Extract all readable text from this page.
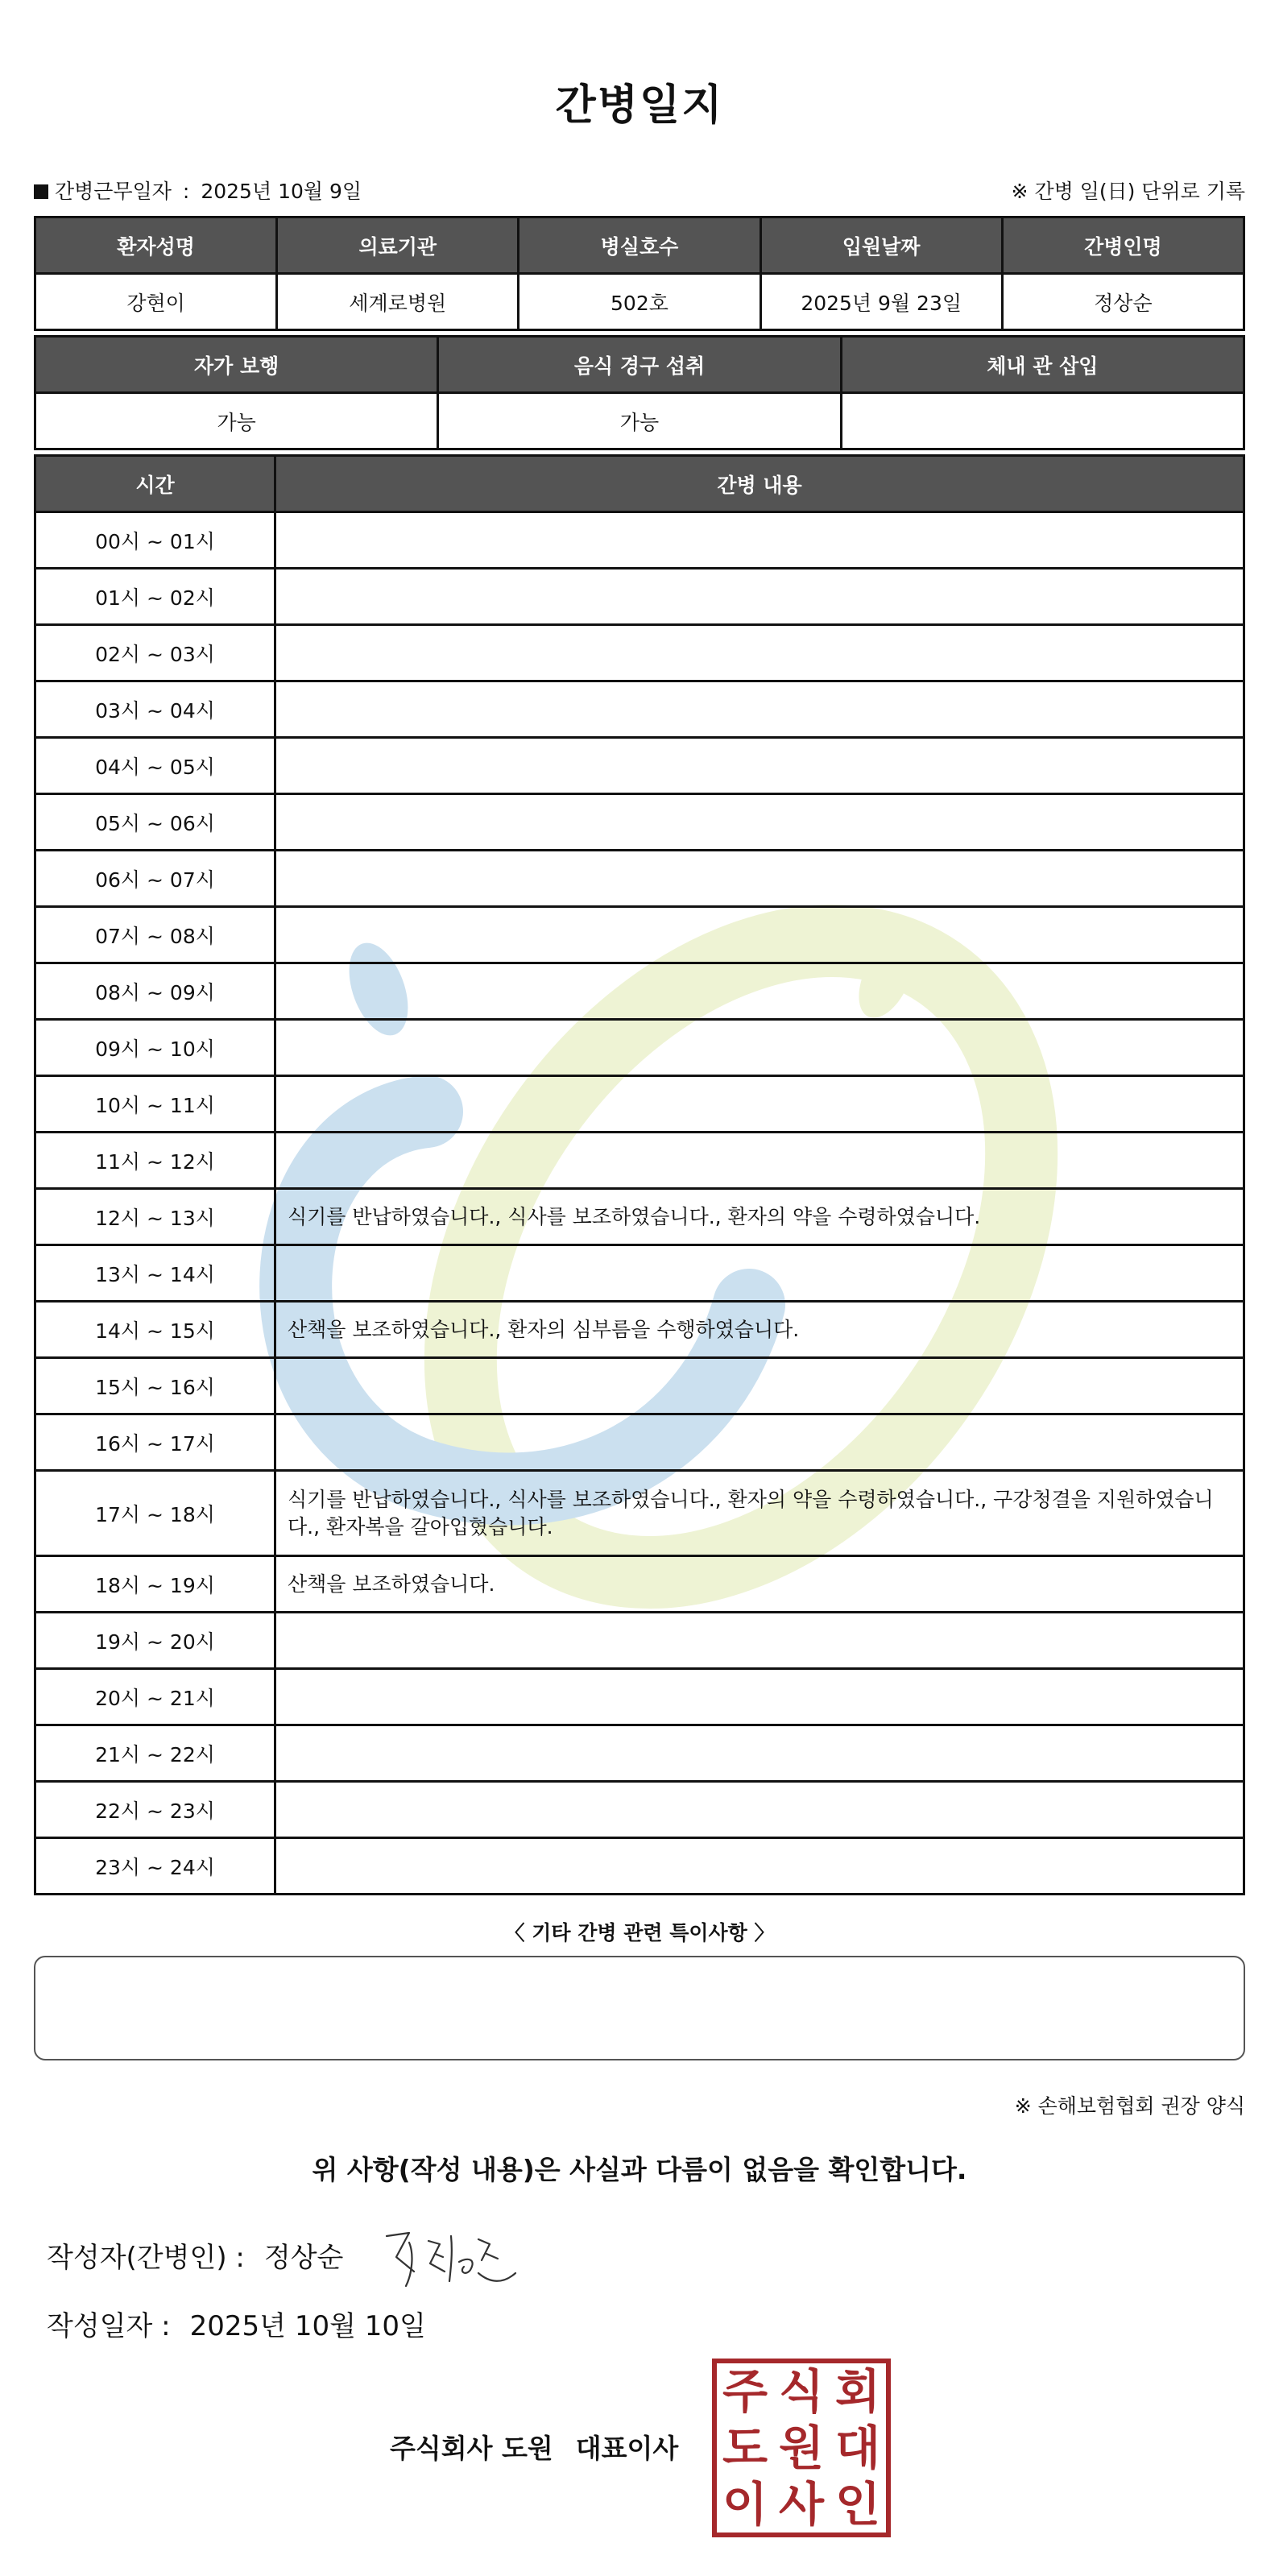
간병일지
간병근무일자 : 2025년 10월 9일	※ 간병 일(日) 단위로 기록
환자성명	의료기관	병실호수	입원날짜	간병인명
강현이	세계로병원	502호	2025년 9월 23일	정상순
자가 보행	음식 경구 섭취	체내 관 삽입
가능	가능	
시간	간병 내용
00시 ~ 01시	
01시 ~ 02시	
02시 ~ 03시	
03시 ~ 04시	
04시 ~ 05시	
05시 ~ 06시	
06시 ~ 07시	
07시 ~ 08시	
08시 ~ 09시	
09시 ~ 10시	
10시 ~ 11시	
11시 ~ 12시	
12시 ~ 13시	식기를 반납하였습니다., 식사를 보조하였습니다., 환자의 약을 수령하였습니다.
13시 ~ 14시	
14시 ~ 15시	산책을 보조하였습니다., 환자의 심부름을 수행하였습니다.
15시 ~ 16시	
16시 ~ 17시	
17시 ~ 18시	식기를 반납하였습니다., 식사를 보조하였습니다., 환자의 약을 수령하였습니다., 구강청결을 지원하였습니다., 환자복을 갈아입혔습니다.
18시 ~ 19시	산책을 보조하였습니다.
19시 ~ 20시	
20시 ~ 21시	
21시 ~ 22시	
22시 ~ 23시	
23시 ~ 24시	
〈 기타 간병 관련 특이사항 〉
※ 손해보험협회 권장 양식
위 사항(작성 내용)은 사실과 다름이 없음을 확인합니다.
작성자(간병인) : 정상순
작성일자 : 2025년 10월 10일
주식회사 도원 대표이사
주 식 회
도 원 대
이 사 인
